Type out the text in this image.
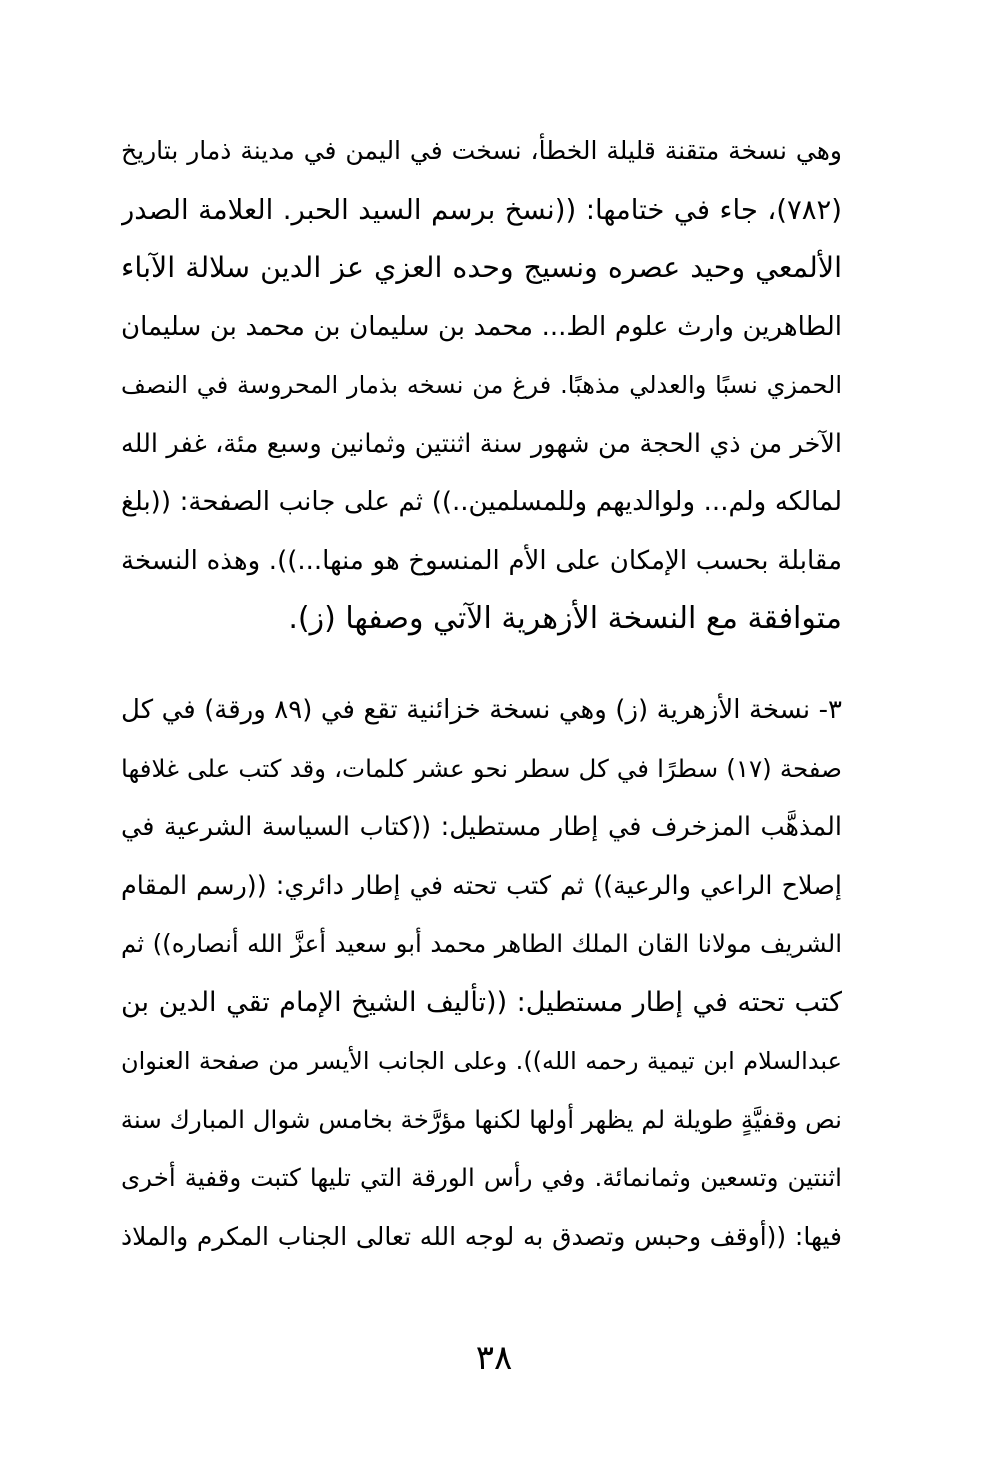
وهي نسخة متقنة قليلة الخطأ، نسخت في اليمن في مدينة ذمار بتاريخ
(٧٨٢)، جاء في ختامها: ((نسخ برسم السيد الحبر. العلامة الصدر
الألمعي وحيد عصره ونسيج وحده العزي عز الدين سلالة الآباء
الطاهرين وارث علوم الط... محمد بن سليمان بن محمد بن سليمان
الحمزي نسبًا والعدلي مذهبًا. فرغ من نسخه بذمار المحروسة في النصف
الآخر من ذي الحجة من شهور سنة اثنتين وثمانين وسبع مئة، غفر الله
لمالكه ولم... ولوالديهم وللمسلمين..)) ثم على جانب الصفحة: ((بلغ
مقابلة بحسب الإمكان على الأم المنسوخ هو منها...)). وهذه النسخة
متوافقة مع النسخة الأزهرية الآتي وصفها (ز).
٣- نسخة الأزهرية (ز) وهي نسخة خزائنية تقع في (٨٩ ورقة) في كل
صفحة (١٧) سطرًا في كل سطر نحو عشر كلمات، وقد كتب على غلافها
المذهَّب المزخرف في إطار مستطيل: ((كتاب السياسة الشرعية في
إصلاح الراعي والرعية)) ثم كتب تحته في إطار دائري: ((رسم المقام
الشريف مولانا القان الملك الطاهر محمد أبو سعيد أعزَّ الله أنصاره)) ثم
كتب تحته في إطار مستطيل: ((تأليف الشيخ الإمام تقي الدين بن
عبدالسلام ابن تيمية رحمه الله)). وعلى الجانب الأيسر من صفحة العنوان
نص وقفيَّةٍ طويلة لم يظهر أولها لكنها مؤرَّخة بخامس شوال المبارك سنة
اثنتين وتسعين وثمانمائة. وفي رأس الورقة التي تليها كتبت وقفية أخرى
فيها: ((أوقف وحبس وتصدق به لوجه الله تعالى الجناب المكرم والملاذ
٣٨
